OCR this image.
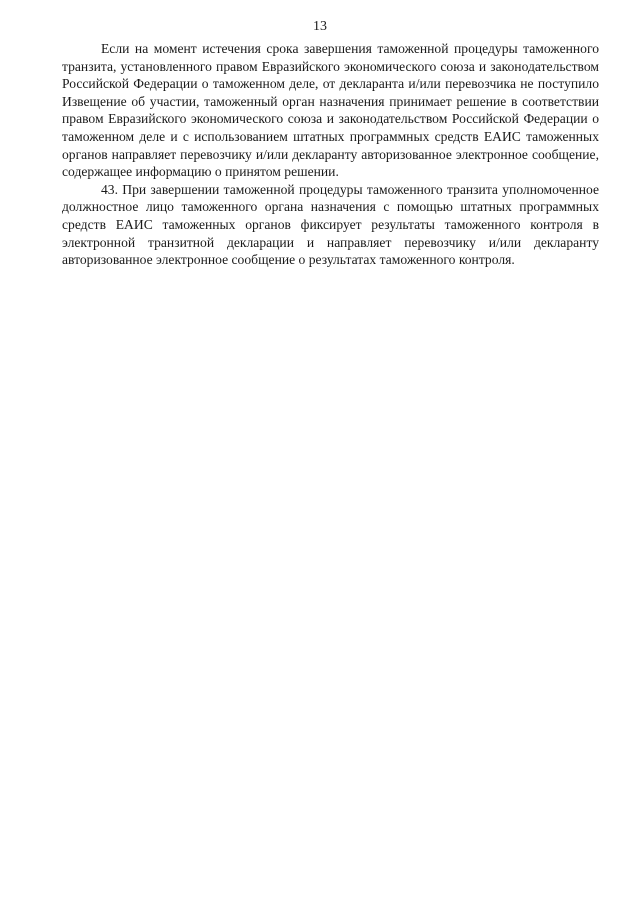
13

Если на момент истечения срока завершения таможенной процедуры таможенного транзита, установленного правом Евразийского экономического союза и законодательством Российской Федерации о таможенном деле, от декларанта и/или перевозчика не поступило Извещение об участии, таможенный орган назначения принимает решение в соответствии правом Евразийского экономического союза и законодательством Российской Федерации о таможенном деле и с использованием штатных программных средств ЕАИС таможенных органов направляет перевозчику и/или декларанту авторизованное электронное сообщение, содержащее информацию о принятом решении.

43. При завершении таможенной процедуры таможенного транзита уполномоченное должностное лицо таможенного органа назначения с помощью штатных программных средств ЕАИС таможенных органов фиксирует результаты таможенного контроля в электронной транзитной декларации и направляет перевозчику и/или декларанту авторизованное электронное сообщение о результатах таможенного контроля.
